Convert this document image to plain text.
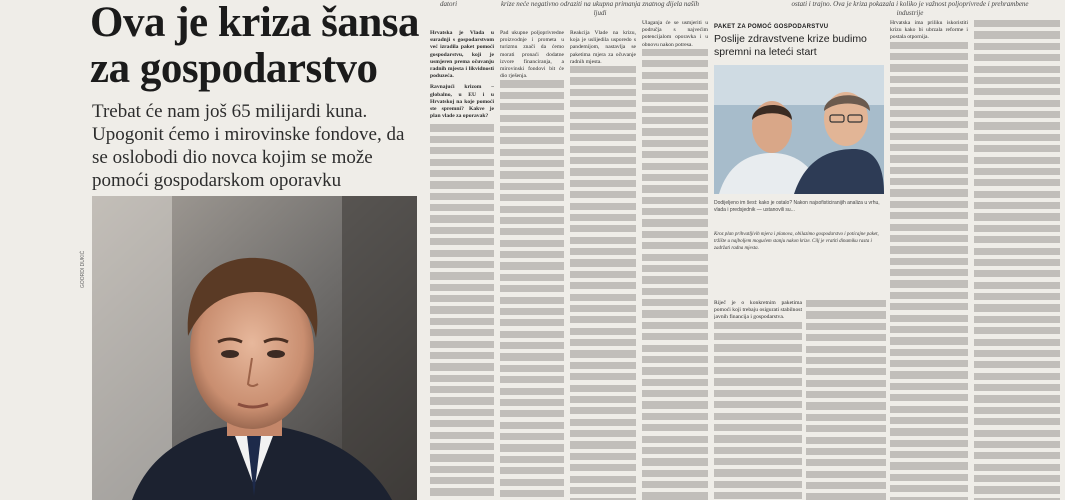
Ova je kriza šansa za gospodarstvo
Trebat će nam još 65 milijardi kuna. Upogonit ćemo i mirovinske fondove, da se oslobodi dio novca kojim se može pomoći gospodarskom oporavku
GOORDI DUKIĆ
datori	krize neće negativno odraziti na ukupna primanja znatnog dijela naših ljudi
ostati i trajno. Ova je kriza pokazala i koliko je važnost poljoprivrede i prehrambene industrije
Hrvatska je Vlada u suradnji s gospodarstvom već izradila paket pomoći gospodarstvu, koji je usmjeren prema očuvanju radnih mjesta i likvidnosti poduzeća.
Ravnajući krizom – globalno, u EU i u Hrvatskoj na koje pomoći ste spremni? Kakve je plan vlade za oporavak?
Pad ukupne poljoprivredne proizvodnje i prometa u turizmu znači da ćemo morati pronaći dodatne izvore financiranja, a mirovinski fondovi bit će dio rješenja.
Reakcija Vlade na krizu, koja je uslijedila usporedo s pandemijom, nastavlja se paketima mjera za očuvanje radnih mjesta.
Ulaganja će se usmjeriti u područja s najvećim potencijalom oporavka i u obnovu nakon potresa.
PAKET ZA POMOĆ GOSPODARSTVU
Poslije zdravstvene krize budimo spremni na leteći start
Dodijeljeno im šest: kako je ostalo? Nakon najsofisticiranijih analiza u vrhu, vlada i predsjednik — ustanovili su...
Kroz plan prihvatljivih mjera i planova, obilazimo gospodarstvo i poticajne paket, tržište u najboljem mogućem stanju nakon krize. Cilj je vratiti dinamiku rasta i zadržati radna mjesta.
Riječ je o konkretnim paketima pomoći koji trebaju osigurati stabilnost javnih financija i gospodarstva.
Hrvatska ima priliku iskoristiti krizu kako bi ubrzala reforme i postala otpornija.
